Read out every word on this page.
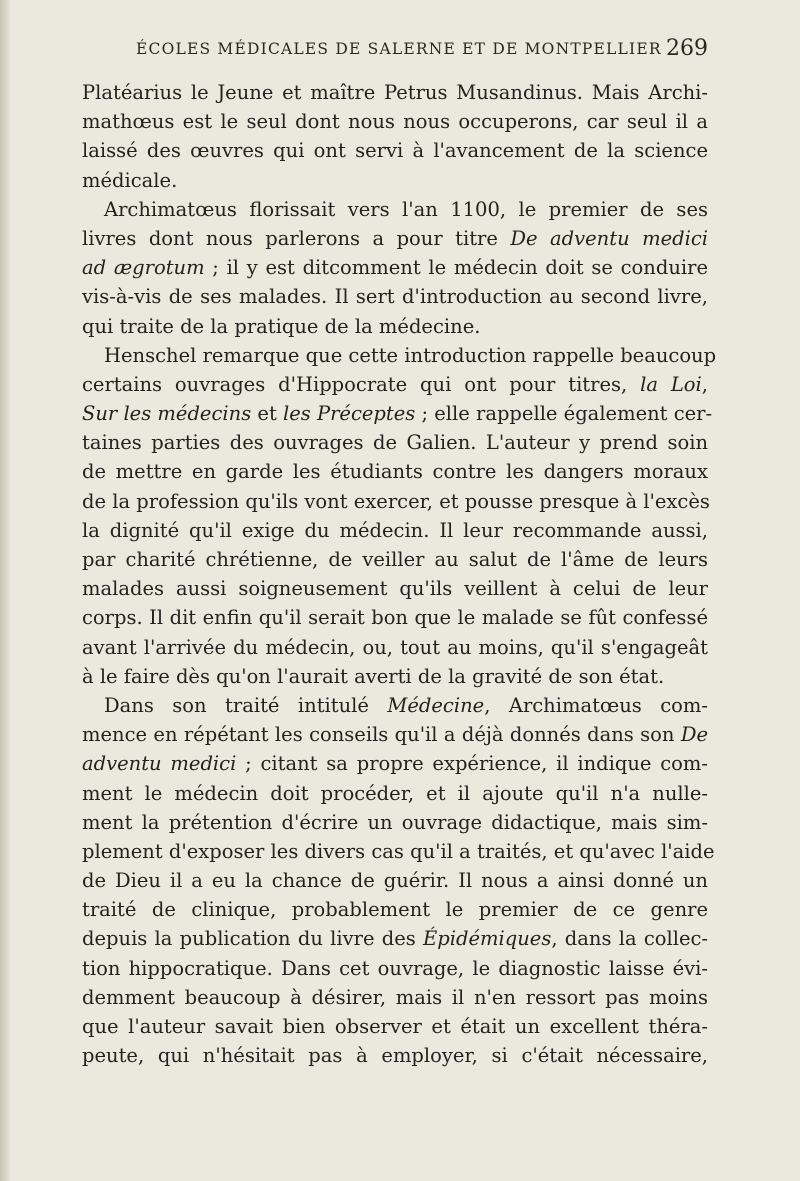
ÉCOLES MÉDICALES DE SALERNE ET DE MONTPELLIER 269
Platéarius le Jeune et maître Petrus Musandinus. Mais Archi-
mathœus est le seul dont nous nous occuperons, car seul il a
laissé des œuvres qui ont servi à l'avancement de la science
médicale.
Archimatœus florissait vers l'an 1100, le premier de ses
livres dont nous parlerons a pour titre De adventu medici
ad ægrotum ; il y est ditcomment le médecin doit se conduire
vis-à-vis de ses malades. Il sert d'introduction au second livre,
qui traite de la pratique de la médecine.
Henschel remarque que cette introduction rappelle beaucoup
certains ouvrages d'Hippocrate qui ont pour titres, la Loi,
Sur les médecins et les Préceptes ; elle rappelle également cer-
taines parties des ouvrages de Galien. L'auteur y prend soin
de mettre en garde les étudiants contre les dangers moraux
de la profession qu'ils vont exercer, et pousse presque à l'excès
la dignité qu'il exige du médecin. Il leur recommande aussi,
par charité chrétienne, de veiller au salut de l'âme de leurs
malades aussi soigneusement qu'ils veillent à celui de leur
corps. Il dit enfin qu'il serait bon que le malade se fût confessé
avant l'arrivée du médecin, ou, tout au moins, qu'il s'engageât
à le faire dès qu'on l'aurait averti de la gravité de son état.
Dans son traité intitulé Médecine, Archimatœus com-
mence en répétant les conseils qu'il a déjà donnés dans son De
adventu medici ; citant sa propre expérience, il indique com-
ment le médecin doit procéder, et il ajoute qu'il n'a nulle-
ment la prétention d'écrire un ouvrage didactique, mais sim-
plement d'exposer les divers cas qu'il a traités, et qu'avec l'aide
de Dieu il a eu la chance de guérir. Il nous a ainsi donné un
traité de clinique, probablement le premier de ce genre
depuis la publication du livre des Épidémiques, dans la collec-
tion hippocratique. Dans cet ouvrage, le diagnostic laisse évi-
demment beaucoup à désirer, mais il n'en ressort pas moins
que l'auteur savait bien observer et était un excellent théra-
peute, qui n'hésitait pas à employer, si c'était nécessaire,
